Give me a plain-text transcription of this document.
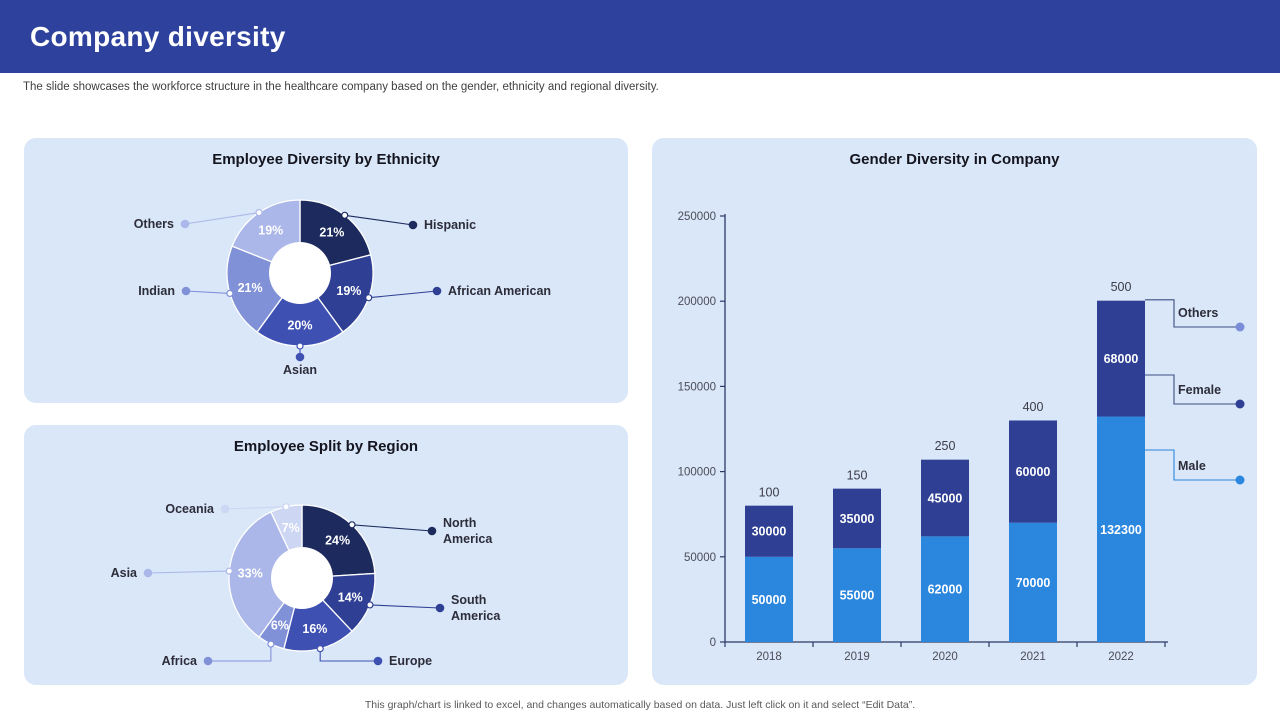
Company diversity

The slide showcases the workforce structure in the healthcare company based on the gender, ethnicity and regional diversity.

21%
19%
20%
21%
19%	Hispanic
African American
Asian
Indian
Others
Employee Diversity by Ethnicity
24%
14%
16%
6%
33%
7%	North America
South America
Europe
Africa
Asia
Oceania
Employee Split by Region
0
50000
100000
150000
200000
250000
2018
50000
30000
100
2019
55000
35000
150
2020
62000
45000
250
2021
70000
60000
400
2022
132300
68000
500
Others
Female
Male
Gender Diversity in Company

This graph/chart is linked to excel, and changes automatically based on data. Just left click on it and select “Edit Data”.
